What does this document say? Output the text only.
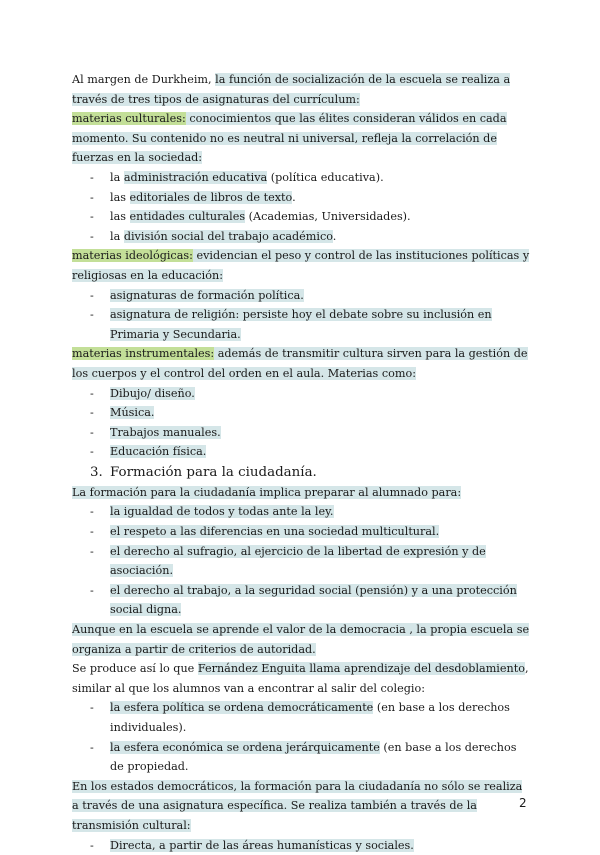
Al margen de Durkheim, la función de socialización de la escuela se realiza a través de tres tipos de asignaturas del currículum:

materias culturales: conocimientos que las élites consideran válidos en cada momento. Su contenido no es neutral ni universal, refleja la correlación de fuerzas en la sociedad:

- la administración educativa (política educativa).
- las editoriales de libros de texto.
- las entidades culturales (Academias, Universidades).
- la división social del trabajo académico.

materias ideológicas: evidencian el peso y control de las instituciones políticas y religiosas en la educación:

- asignaturas de formación política.
- asignatura de religión: persiste hoy el debate sobre su inclusión en Primaria y Secundaria.

materias instrumentales: además de transmitir cultura sirven para la gestión de los cuerpos y el control del orden en el aula. Materias como:

- Dibujo/ diseño.
- Música.
- Trabajos manuales.
- Educación física.
3. Formación para la ciudadanía.

La formación para la ciudadanía implica preparar al alumnado para:

- la igualdad de todos y todas ante la ley.
- el respeto a las diferencias en una sociedad multicultural.
- el derecho al sufragio, al ejercicio de la libertad de expresión y de asociación.
- el derecho al trabajo, a la seguridad social (pensión) y a una protección social digna.

Aunque en la escuela se aprende el valor de la democracia , la propia escuela se organiza a partir de criterios de autoridad.

Se produce así lo que Fernández Enguita llama aprendizaje del desdoblamiento, similar al que los alumnos van a encontrar al salir del colegio:

- la esfera política se ordena democráticamente (en base a los derechos individuales).
- la esfera económica se ordena jerárquicamente (en base a los derechos de propiedad.

En los estados democráticos, la formación para la ciudadanía no sólo se realiza a través de una asignatura específica. Se realiza también a través de la transmisión cultural:

- Directa, a partir de las áreas humanísticas y sociales.
2
